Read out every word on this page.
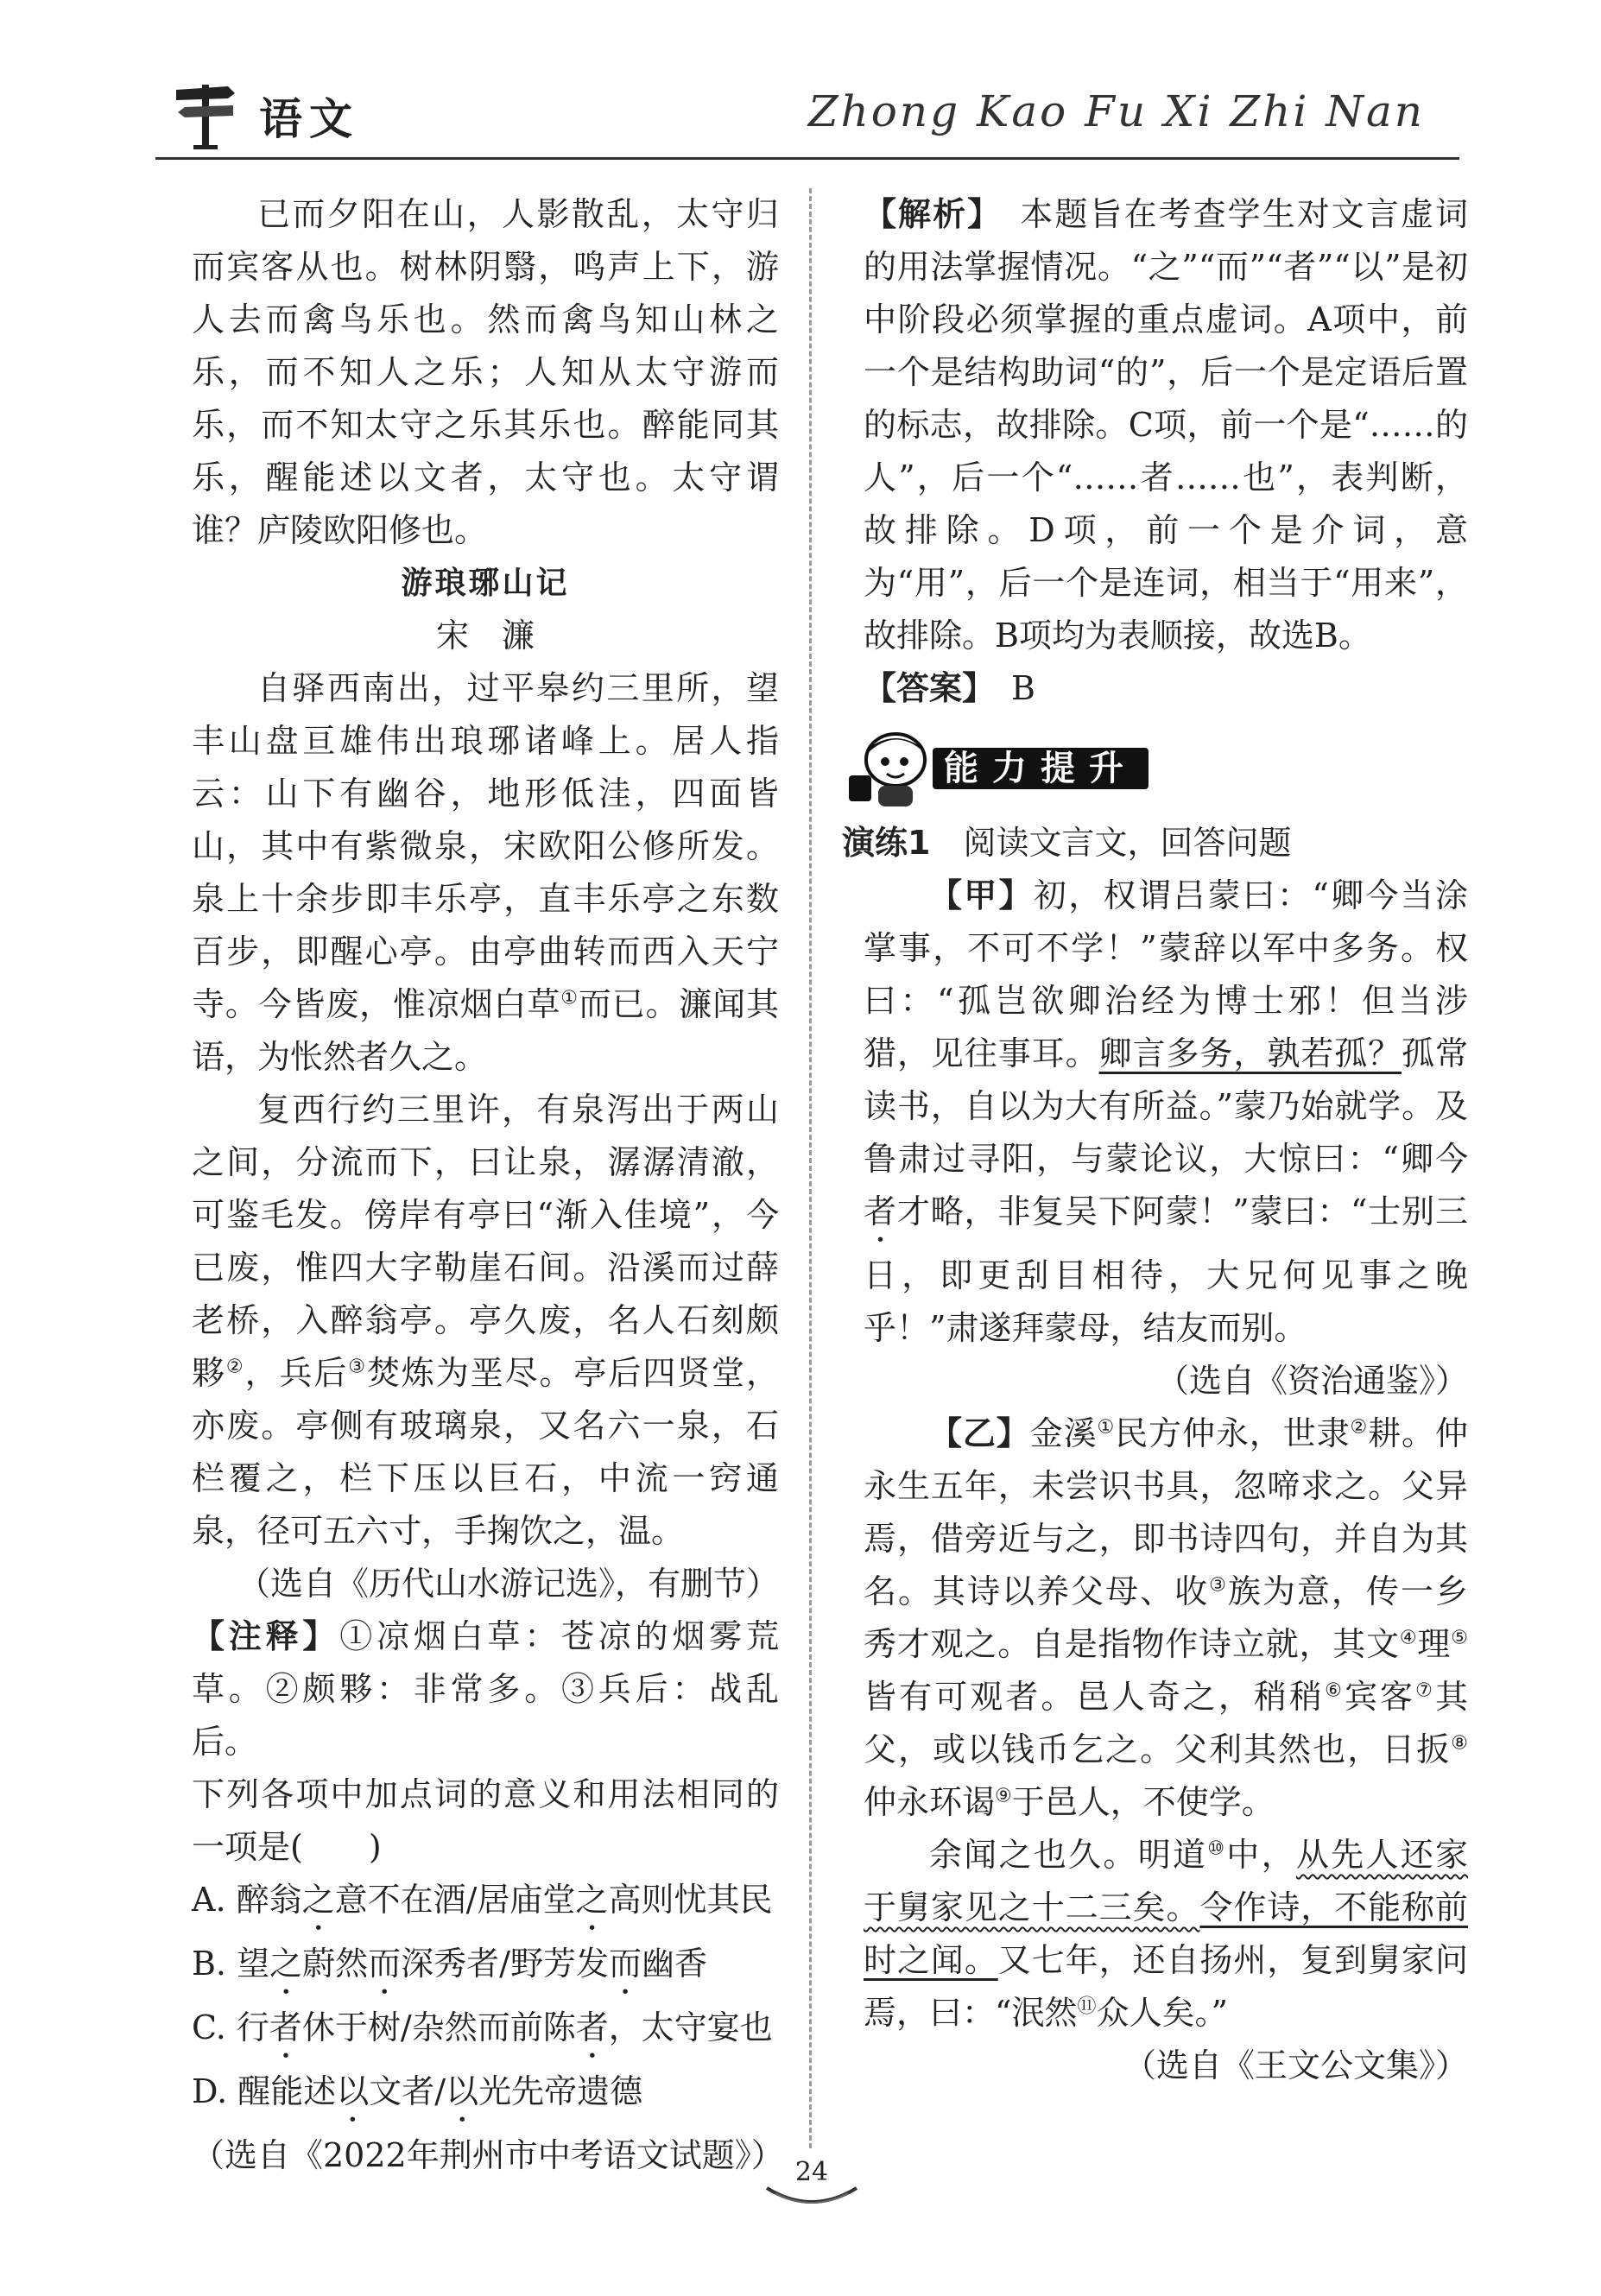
语文	Zhong Kao Fu Xi Zhi Nan

已而夕阳在山，人影散乱，太守归而宾客从也。树林阴翳，鸣声上下，游人去而禽鸟乐也。然而禽鸟知山林之乐，而不知人之乐；人知从太守游而乐，而不知太守之乐其乐也。醉能同其乐，醒能述以文者，太守也。太守谓谁？庐陵欧阳修也。

游琅琊山记

宋　濂

自驿西南出，过平皋约三里所，望丰山盘亘雄伟出琅琊诸峰上。居人指云：山下有幽谷，地形低洼，四面皆山，其中有紫微泉，宋欧阳公修所发。泉上十余步即丰乐亭，直丰乐亭之东数百步，即醒心亭。由亭曲转而西入天宁寺。今皆废，惟凉烟白草①而已。濂闻其语，为怅然者久之。

复西行约三里许，有泉泻出于两山之间，分流而下，曰让泉，潺潺清澈，可鉴毛发。傍岸有亭曰“渐入佳境”，今已废，惟四大字勒崖石间。沿溪而过薛老桥，入醉翁亭。亭久废，名人石刻颇夥②，兵后③焚炼为垩尽。亭后四贤堂，亦废。亭侧有玻璃泉，又名六一泉，石栏覆之，栏下压以巨石，中流一窍通泉，径可五六寸，手掬饮之，温。

（选自《历代山水游记选》，有删节）

【注释】①凉烟白草：苍凉的烟雾荒草。②颇夥：非常多。③兵后：战乱后。

下列各项中加点词的意义和用法相同的一项是(　　)

A. 醉翁之意不在酒/居庙堂之高则忧其民

B. 望之蔚然而深秀者/野芳发而幽香

C. 行者休于树/杂然而前陈者，太守宴也

D. 醒能述以文者/以光先帝遗德

（选自《2022年荆州市中考语文试题》）

【解析】　 本题旨在考查学生对文言虚词的用法掌握情况。“之”“而”“者”“以”是初中阶段必须掌握的重点虚词。A项中，前一个是结构助词“的”，后一个是定语后置的标志，故排除。C项，前一个是“……的人”，后一个“……者……也”，表判断，故排除。D项，前一个是介词，意为“用”，后一个是连词，相当于“用来”，故排除。B项均为表顺接，故选B。

【答案】　 B

能力提升

演练1　 阅读文言文，回答问题

【甲】初，权谓吕蒙曰：“卿今当涂掌事，不可不学！”蒙辞以军中多务。权曰：“孤岂欲卿治经为博士邪！但当涉猎，见往事耳。卿言多务，孰若孤？孤常读书，自以为大有所益。”蒙乃始就学。及鲁肃过寻阳，与蒙论议，大惊曰：“卿今者才略，非复吴下阿蒙！”蒙曰：“士别三日，即更刮目相待，大兄何见事之晚乎！”肃遂拜蒙母，结友而别。

（选自《资治通鉴》）

【乙】金溪①民方仲永，世隶②耕。仲永生五年，未尝识书具，忽啼求之。父异焉，借旁近与之，即书诗四句，并自为其名。其诗以养父母、收③族为意，传一乡秀才观之。自是指物作诗立就，其文④理⑤皆有可观者。邑人奇之，稍稍⑥宾客⑦其父，或以钱币乞之。父利其然也，日扳⑧仲永环谒⑨于邑人，不使学。

余闻之也久。明道⑩中，从先人还家于舅家见之十二三矣。令作诗，不能称前时之闻。又七年，还自扬州，复到舅家问焉，曰：“泯然⑪众人矣。”

（选自《王文公文集》）

24
